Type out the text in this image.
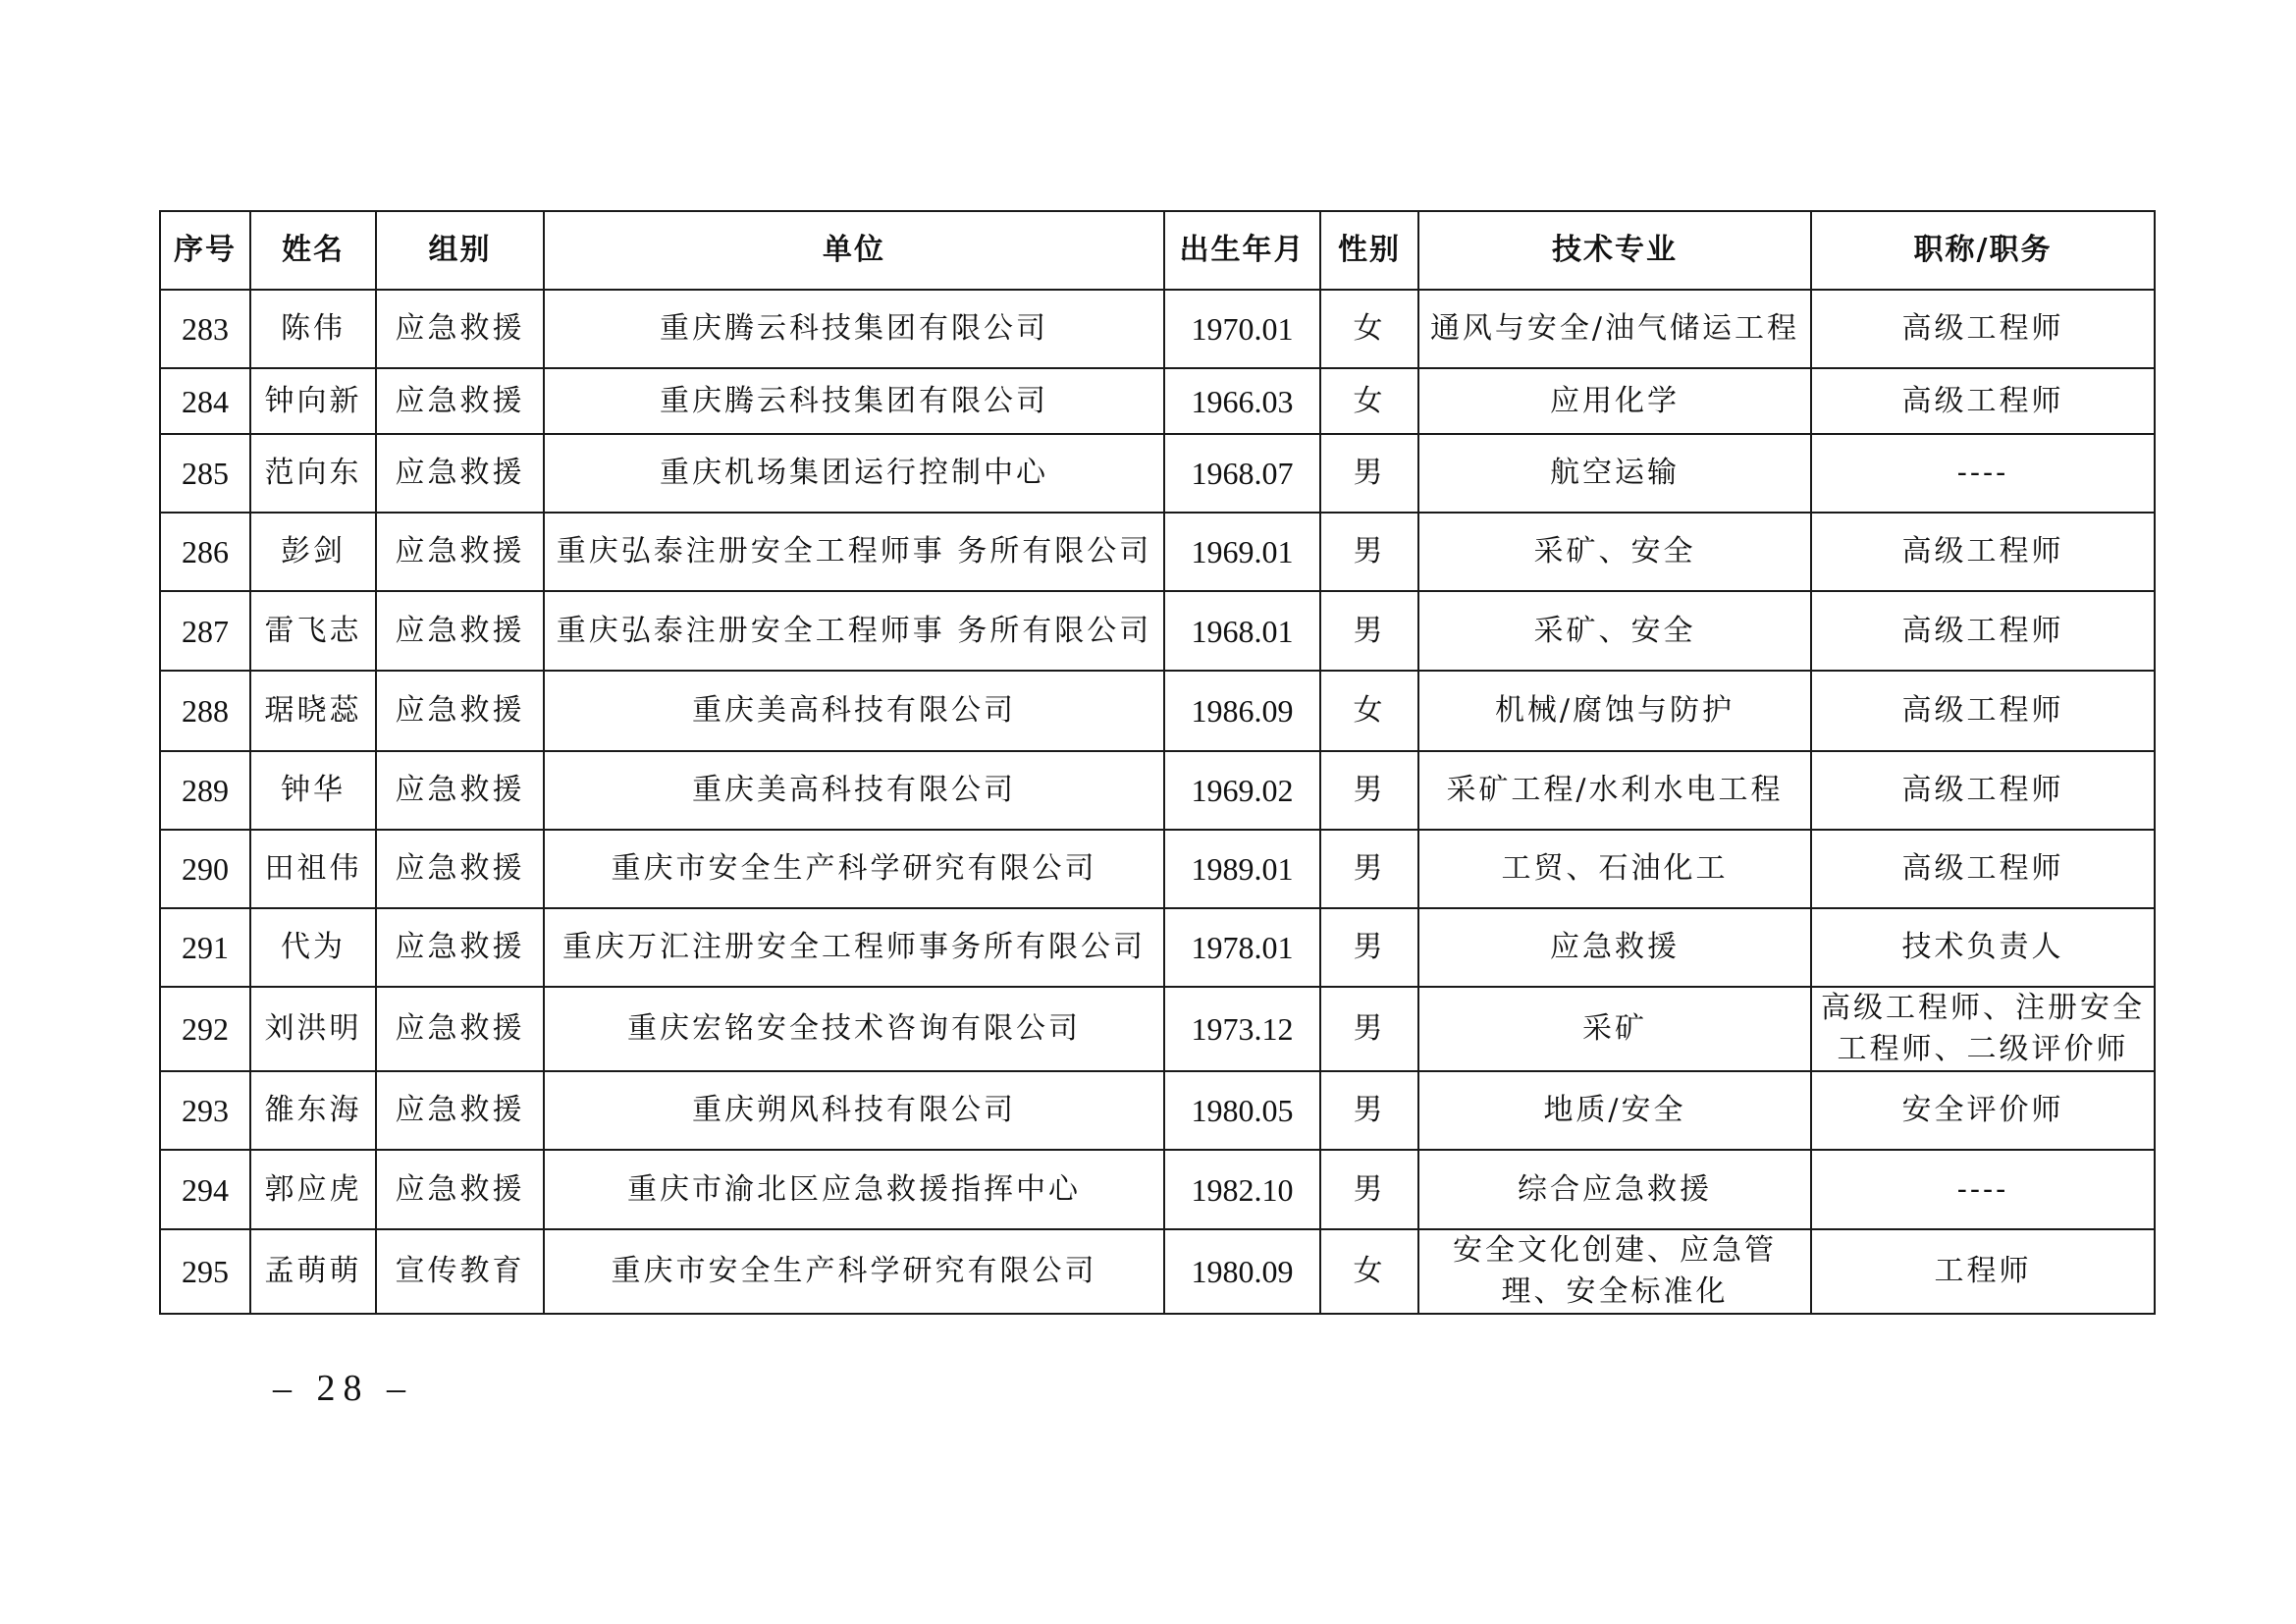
序号	姓名	组别	单位	出生年月	性别	技术专业	职称/职务
283	陈伟	应急救援	重庆腾云科技集团有限公司	1970.01	女	通风与安全/油气储运工程	高级工程师
284	钟向新	应急救援	重庆腾云科技集团有限公司	1966.03	女	应用化学	高级工程师
285	范向东	应急救援	重庆机场集团运行控制中心	1968.07	男	航空运输	----
286	彭剑	应急救援	重庆弘泰注册安全工程师事 务所有限公司	1969.01	男	采矿、安全	高级工程师
287	雷飞志	应急救援	重庆弘泰注册安全工程师事 务所有限公司	1968.01	男	采矿、安全	高级工程师
288	琚晓蕊	应急救援	重庆美高科技有限公司	1986.09	女	机械/腐蚀与防护	高级工程师
289	钟华	应急救援	重庆美高科技有限公司	1969.02	男	采矿工程/水利水电工程	高级工程师
290	田祖伟	应急救援	重庆市安全生产科学研究有限公司	1989.01	男	工贸、石油化工	高级工程师
291	代为	应急救援	重庆万汇注册安全工程师事务所有限公司	1978.01	男	应急救援	技术负责人
292	刘洪明	应急救援	重庆宏铭安全技术咨询有限公司	1973.12	男	采矿	高级工程师、注册安全工程师、二级评价师
293	雒东海	应急救援	重庆朔风科技有限公司	1980.05	男	地质/安全	安全评价师
294	郭应虎	应急救援	重庆市渝北区应急救援指挥中心	1982.10	男	综合应急救援	----
295	孟萌萌	宣传教育	重庆市安全生产科学研究有限公司	1980.09	女	安全文化创建、应急管理、安全标准化	工程师
– 28 –
